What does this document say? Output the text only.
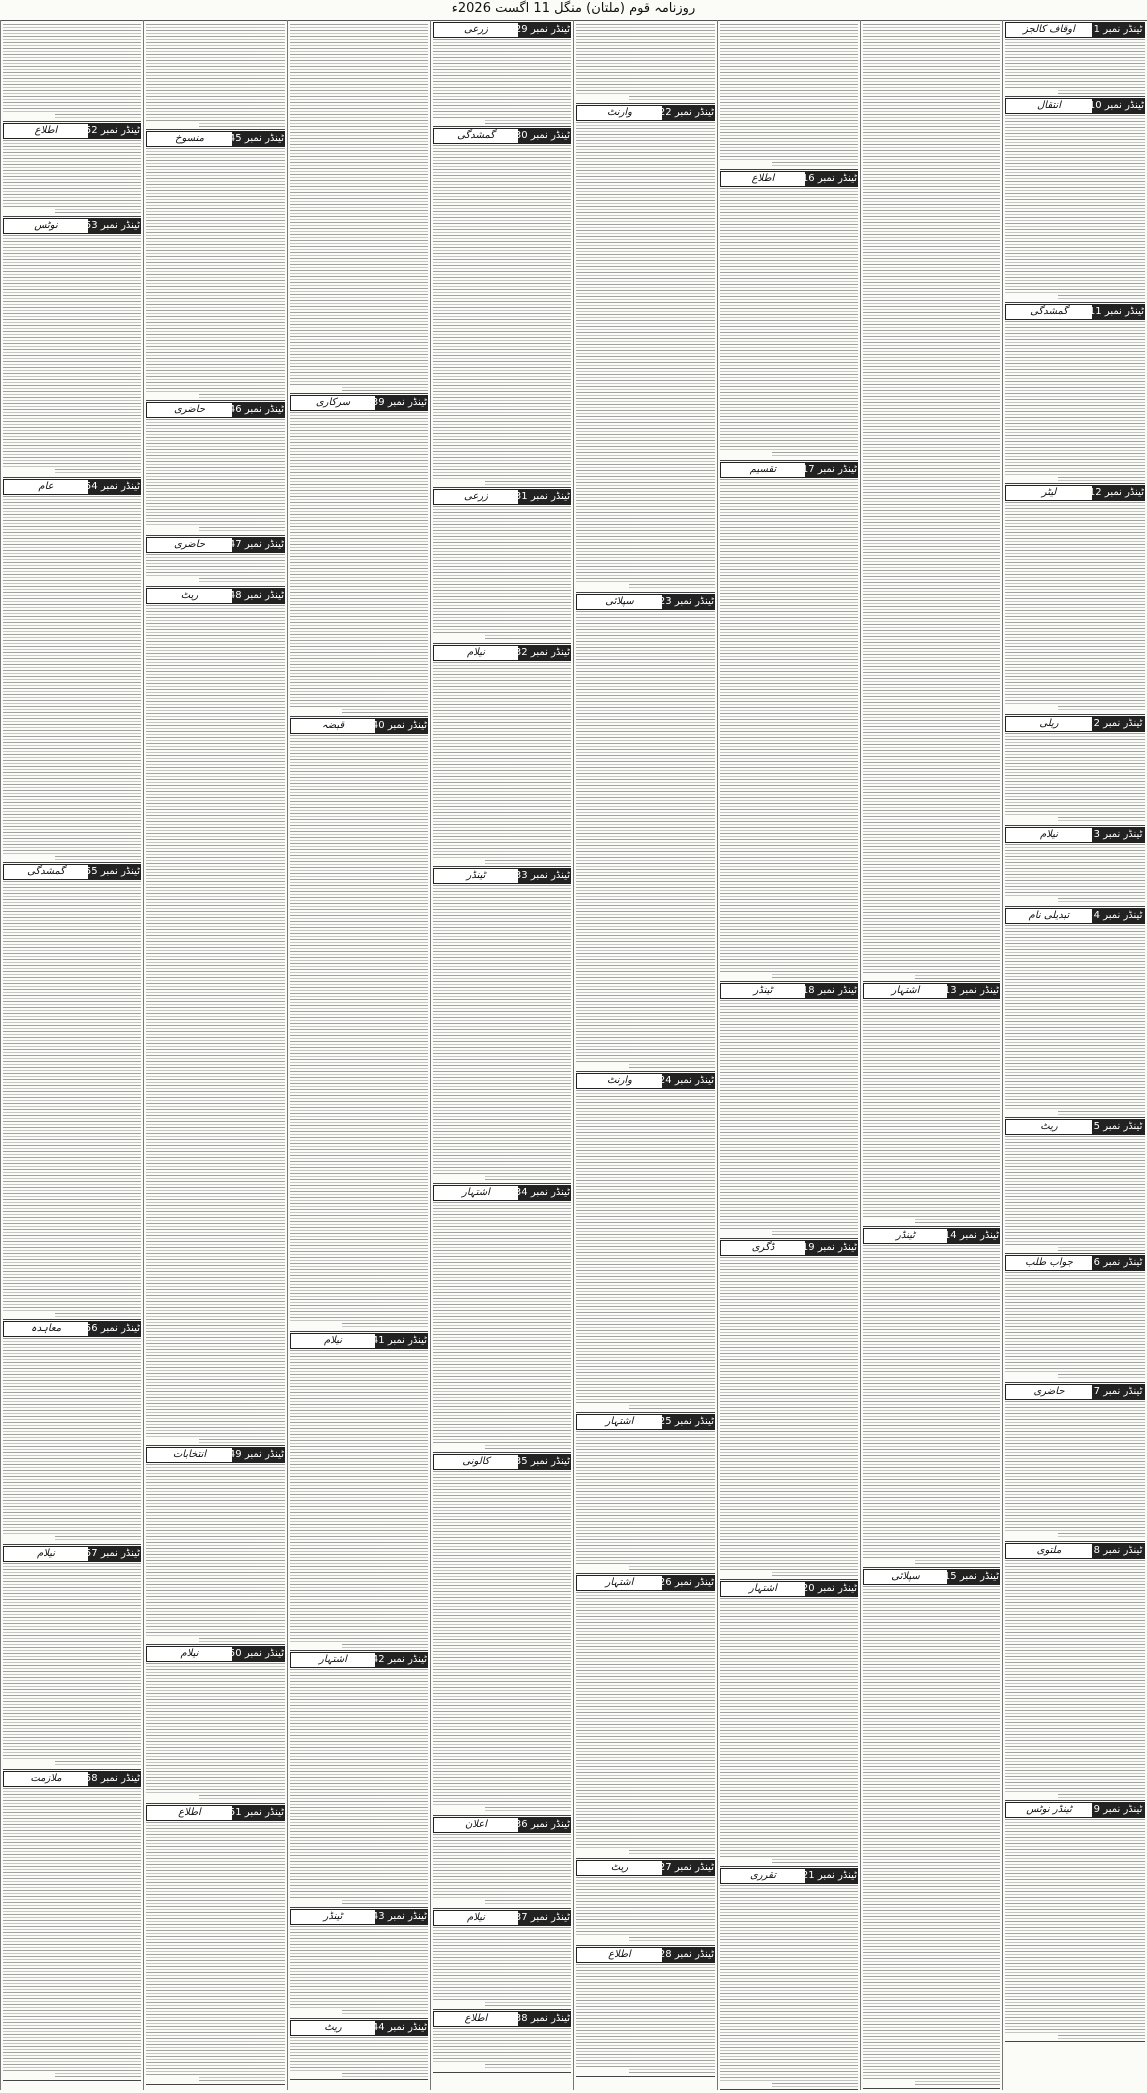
روزنامہ قوم (ملتان) منگل 11 اگست 2026ء
اوقاف کالجز	ٹینڈر نمبر 1
انتقال	ٹینڈر نمبر 10
گمشدگی	ٹینڈر نمبر 11
لیٹر	ٹینڈر نمبر 12
ریلی	ٹینڈر نمبر 2
نیلام	ٹینڈر نمبر 3
تبدیلی نام	ٹینڈر نمبر 4
ریٹ	ٹینڈر نمبر 5
جواب طلب	ٹینڈر نمبر 6
حاضری	ٹینڈر نمبر 7
ملتوی	ٹینڈر نمبر 8
ٹینڈر نوٹس	ٹینڈر نمبر 9
اشتہار	ٹینڈر نمبر 13
ٹینڈر	ٹینڈر نمبر 14
سپلائی	ٹینڈر نمبر 15
اطلاع	ٹینڈر نمبر 16
تقسیم	ٹینڈر نمبر 17
ٹینڈر	ٹینڈر نمبر 18
ڈگری	ٹینڈر نمبر 19
اشتہار	ٹینڈر نمبر 20
تقرری	ٹینڈر نمبر 21
وارنٹ	ٹینڈر نمبر 22
سپلائی	ٹینڈر نمبر 23
وارنٹ	ٹینڈر نمبر 24
اشتہار	ٹینڈر نمبر 25
اشتہار	ٹینڈر نمبر 26
ریٹ	ٹینڈر نمبر 27
اطلاع	ٹینڈر نمبر 28
زرعی	ٹینڈر نمبر 29
گمشدگی	ٹینڈر نمبر 30
زرعی	ٹینڈر نمبر 31
نیلام	ٹینڈر نمبر 32
ٹینڈر	ٹینڈر نمبر 33
اشتہار	ٹینڈر نمبر 34
کالونی	ٹینڈر نمبر 35
اعلان	ٹینڈر نمبر 36
نیلام	ٹینڈر نمبر 37
اطلاع	ٹینڈر نمبر 38
سرکاری	ٹینڈر نمبر 39
قبضہ	ٹینڈر نمبر 40
نیلام	ٹینڈر نمبر 41
اشتہار	ٹینڈر نمبر 42
ٹینڈر	ٹینڈر نمبر 43
ریٹ	ٹینڈر نمبر 44
منسوخ	ٹینڈر نمبر 45
حاضری	ٹینڈر نمبر 46
حاضری	ٹینڈر نمبر 47
ریٹ	ٹینڈر نمبر 48
انتخابات	ٹینڈر نمبر 49
نیلام	ٹینڈر نمبر 50
اطلاع	ٹینڈر نمبر 51
اطلاع	ٹینڈر نمبر 52
نوٹس	ٹینڈر نمبر 53
عام	ٹینڈر نمبر 54
گمشدگی	ٹینڈر نمبر 55
معاہدہ	ٹینڈر نمبر 56
نیلام	ٹینڈر نمبر 57
ملازمت	ٹینڈر نمبر 58
